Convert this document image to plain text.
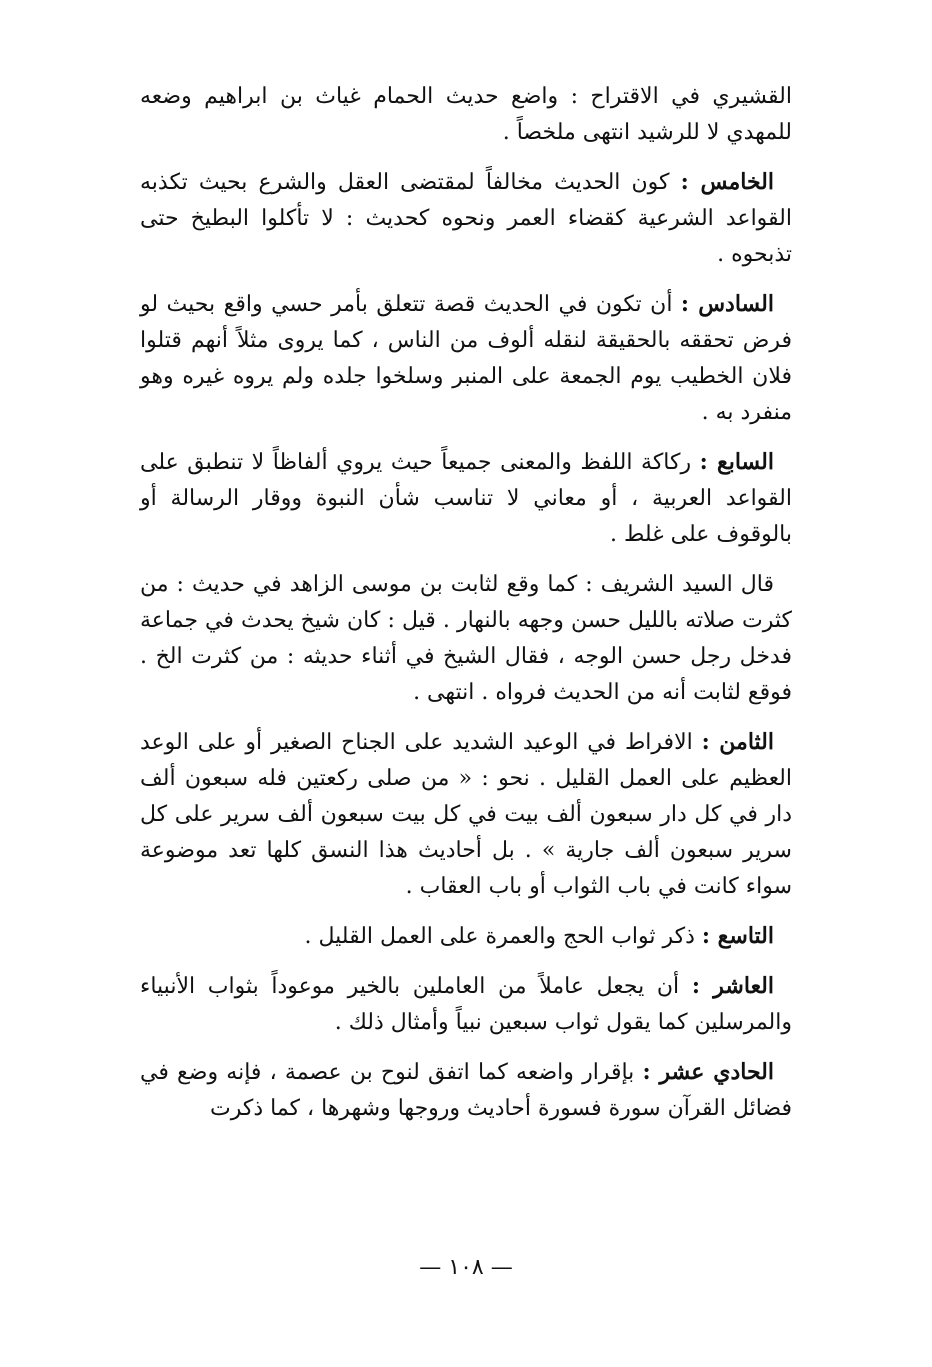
القشيري في الاقتراح : واضع حديث الحمام غياث بن ابراهيم وضعه للمهدي لا للرشيد انتهى ملخصاً .

الخامس : كون الحديث مخالفاً لمقتضى العقل والشرع بحيث تكذبه القواعد الشرعية كقضاء العمر ونحوه كحديث : لا تأكلوا البطيخ حتى تذبحوه .

السادس : أن تكون في الحديث قصة تتعلق بأمر حسي واقع بحيث لو فرض تحققه بالحقيقة لنقله ألوف من الناس ، كما يروى مثلاً أنهم قتلوا فلان الخطيب يوم الجمعة على المنبر وسلخوا جلده ولم يروه غيره وهو منفرد به .

السابع : ركاكة اللفظ والمعنى جميعاً حيث يروي ألفاظاً لا تنطبق على القواعد العربية ، أو معاني لا تناسب شأن النبوة ووقار الرسالة أو بالوقوف على غلط .

قال السيد الشريف : كما وقع لثابت بن موسى الزاهد في حديث : من كثرت صلاته بالليل حسن وجهه بالنهار . قيل : كان شيخ يحدث في جماعة فدخل رجل حسن الوجه ، فقال الشيخ في أثناء حديثه : من كثرت الخ . فوقع لثابت أنه من الحديث فرواه . انتهى .

الثامن : الافراط في الوعيد الشديد على الجناح الصغير أو على الوعد العظيم على العمل القليل . نحو : « من صلى ركعتين فله سبعون ألف دار في كل دار سبعون ألف بيت في كل بيت سبعون ألف سرير على كل سرير سبعون ألف جارية » . بل أحاديث هذا النسق كلها تعد موضوعة سواء كانت في باب الثواب أو باب العقاب .

التاسع : ذكر ثواب الحج والعمرة على العمل القليل .

العاشر : أن يجعل عاملاً من العاملين بالخير موعوداً بثواب الأنبياء والمرسلين كما يقول ثواب سبعين نبياً وأمثال ذلك .

الحادي عشر : بإقرار واضعه كما اتفق لنوح بن عصمة ، فإنه وضع في فضائل القرآن سورة فسورة أحاديث وروجها وشهرها ، كما ذكرت

— ١٠٨ —
